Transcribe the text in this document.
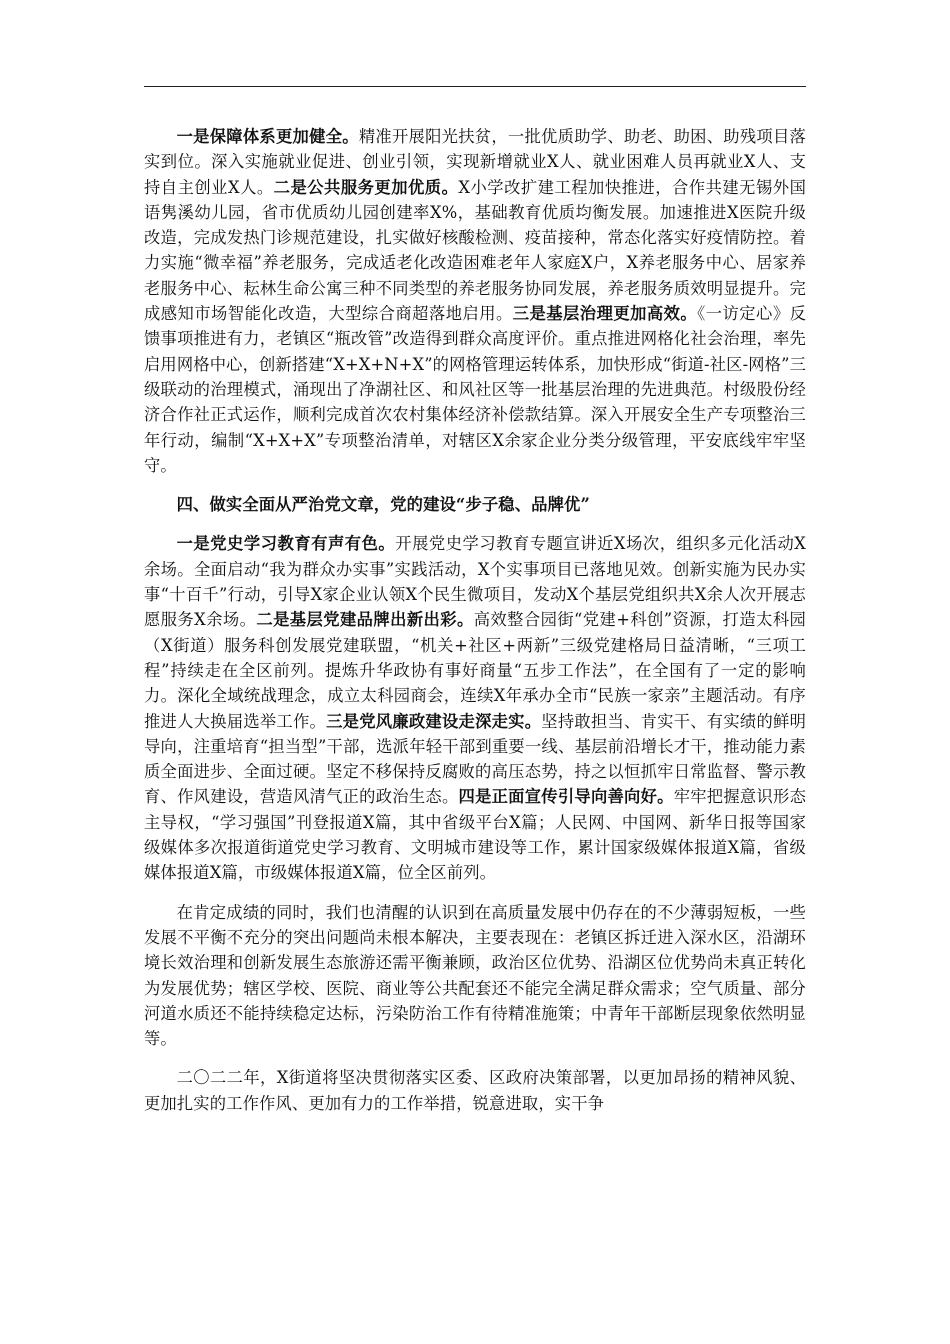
一是保障体系更加健全。精准开展阳光扶贫，一批优质助学、助老、助困、助残项目落实到位。深入实施就业促进、创业引领，实现新增就业X人、就业困难人员再就业X人、支持自主创业X人。二是公共服务更加优质。X小学改扩建工程加快推进，合作共建无锡外国语隽溪幼儿园，省市优质幼儿园创建率X%，基础教育优质均衡发展。加速推进X医院升级改造，完成发热门诊规范建设，扎实做好核酸检测、疫苗接种，常态化落实好疫情防控。着力实施“微幸福”养老服务，完成适老化改造困难老年人家庭X户，X养老服务中心、居家养老服务中心、耘林生命公寓三种不同类型的养老服务协同发展，养老服务质效明显提升。完成感知市场智能化改造，大型综合商超落地启用。三是基层治理更加高效。《一访定心》反馈事项推进有力，老镇区“瓶改管”改造得到群众高度评价。重点推进网格化社会治理，率先启用网格中心，创新搭建“X+X+N+X”的网格管理运转体系，加快形成“街道-社区-网格”三级联动的治理模式，涌现出了净湖社区、和风社区等一批基层治理的先进典范。村级股份经济合作社正式运作，顺利完成首次农村集体经济补偿款结算。深入开展安全生产专项整治三年行动，编制“X+X+X”专项整治清单，对辖区X余家企业分类分级管理，平安底线牢牢坚守。

四、做实全面从严治党文章，党的建设“步子稳、品牌优”

一是党史学习教育有声有色。开展党史学习教育专题宣讲近X场次，组织多元化活动X余场。全面启动“我为群众办实事”实践活动，X个实事项目已落地见效。创新实施为民办实事“十百千”行动，引导X家企业认领X个民生微项目，发动X个基层党组织共X余人次开展志愿服务X余场。二是基层党建品牌出新出彩。高效整合园街“党建+科创”资源，打造太科园（X街道）服务科创发展党建联盟，“机关+社区+两新”三级党建格局日益清晰，“三项工程”持续走在全区前列。提炼升华政协有事好商量“五步工作法”，在全国有了一定的影响力。深化全域统战理念，成立太科园商会，连续X年承办全市“民族一家亲”主题活动。有序推进人大换届选举工作。三是党风廉政建设走深走实。坚持敢担当、肯实干、有实绩的鲜明导向，注重培育“担当型”干部，选派年轻干部到重要一线、基层前沿增长才干，推动能力素质全面进步、全面过硬。坚定不移保持反腐败的高压态势，持之以恒抓牢日常监督、警示教育、作风建设，营造风清气正的政治生态。四是正面宣传引导向善向好。牢牢把握意识形态主导权，“学习强国”刊登报道X篇，其中省级平台X篇；人民网、中国网、新华日报等国家级媒体多次报道街道党史学习教育、文明城市建设等工作，累计国家级媒体报道X篇，省级媒体报道X篇，市级媒体报道X篇，位全区前列。

在肯定成绩的同时，我们也清醒的认识到在高质量发展中仍存在的不少薄弱短板，一些发展不平衡不充分的突出问题尚未根本解决，主要表现在：老镇区拆迁进入深水区，沿湖环境长效治理和创新发展生态旅游还需平衡兼顾，政治区位优势、沿湖区位优势尚未真正转化为发展优势；辖区学校、医院、商业等公共配套还不能完全满足群众需求；空气质量、部分河道水质还不能持续稳定达标，污染防治工作有待精准施策；中青年干部断层现象依然明显等。

二〇二二年，X街道将坚决贯彻落实区委、区政府决策部署，以更加昂扬的精神风貌、更加扎实的工作作风、更加有力的工作举措，锐意进取，实干争
